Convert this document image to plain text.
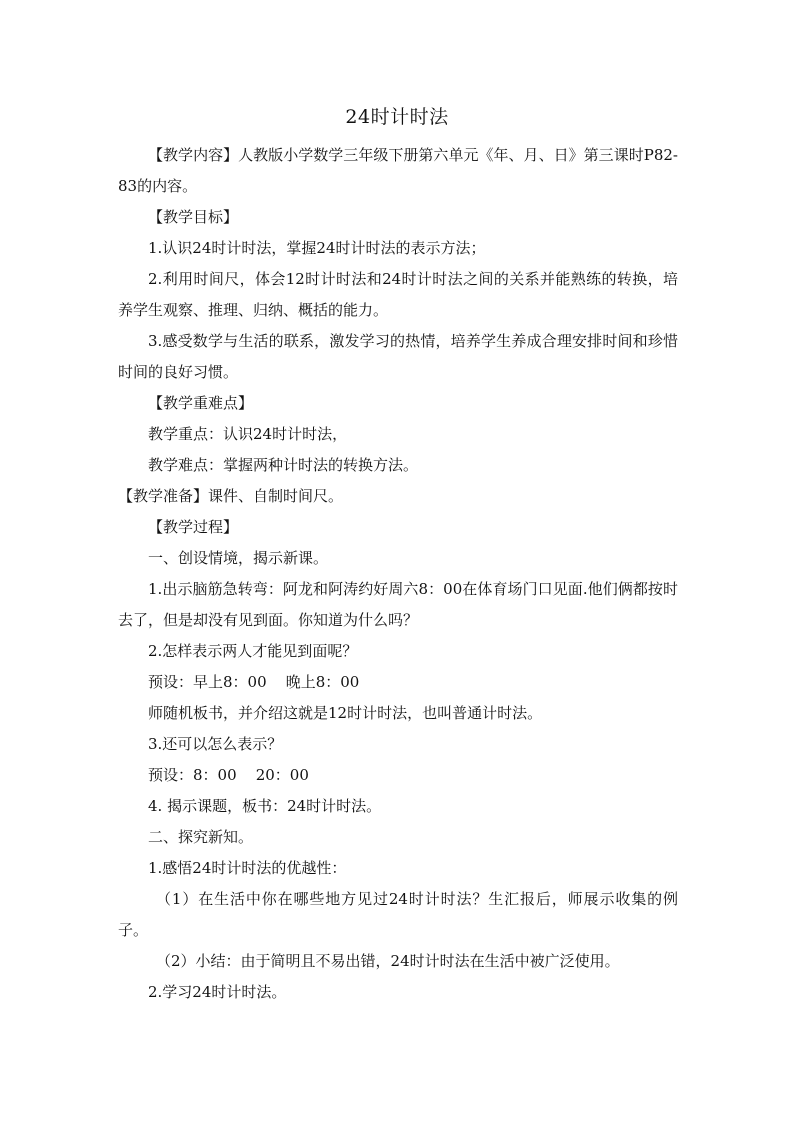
24时计时法

【教学内容】人教版小学数学三年级下册第六单元《年、月、日》第三课时P82-83的内容。

【教学目标】

1.认识24时计时法，掌握24时计时法的表示方法；

2.利用时间尺，体会12时计时法和24时计时法之间的关系并能熟练的转换，培养学生观察、推理、归纳、概括的能力。

3.感受数学与生活的联系，激发学习的热情，培养学生养成合理安排时间和珍惜时间的良好习惯。

【教学重难点】

教学重点：认识24时计时法，

教学难点：掌握两种计时法的转换方法。

【教学准备】课件、自制时间尺。

【教学过程】

一、创设情境，揭示新课。

1.出示脑筋急转弯：阿龙和阿涛约好周六8：00在体育场门口见面.他们俩都按时去了，但是却没有见到面。你知道为什么吗？

2.怎样表示两人才能见到面呢？

预设：早上8：00    晚上8：00

师随机板书，并介绍这就是12时计时法，也叫普通计时法。

3.还可以怎么表示？

预设：8：00    20：00

4. 揭示课题，板书：24时计时法。

二、探究新知。

1.感悟24时计时法的优越性：

（1）在生活中你在哪些地方见过24时计时法？生汇报后，师展示收集的例子。

（2）小结：由于简明且不易出错，24时计时法在生活中被广泛使用。

2.学习24时计时法。
